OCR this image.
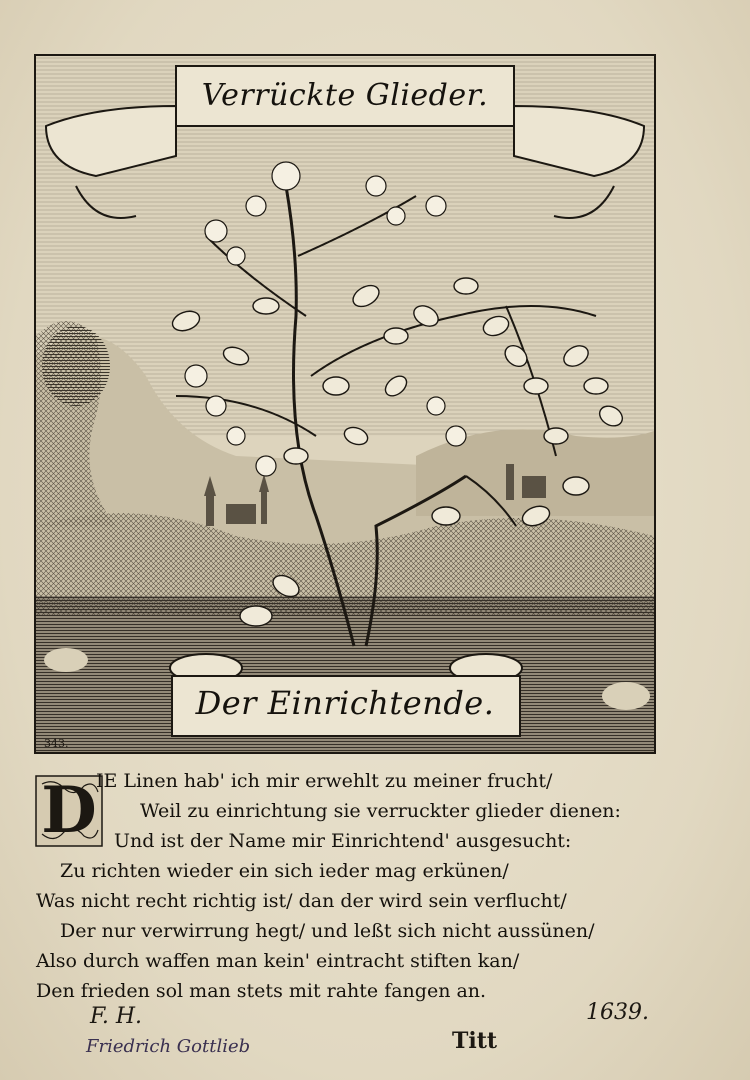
Verrückte Glieder.
Der Einrichtende.
343.
D IE Linen hab' ich mir erwehlt zu meiner frucht/
Weil zu einrichtung sie verruckter glieder dienen:
Und ist der Name mir Einrichtend' ausgesucht:
Zu richten wieder ein sich ieder mag erkünen/
Was nicht recht richtig ist/ dan der wird sein verflucht/
Der nur verwirrung hegt/ und leßt sich nicht aussünen/
Also durch waffen man kein' eintracht stiften kan/
Den frieden sol man stets mit rahte fangen an.
F. H.	1639.
Friedrich Gottlieb	Titt
